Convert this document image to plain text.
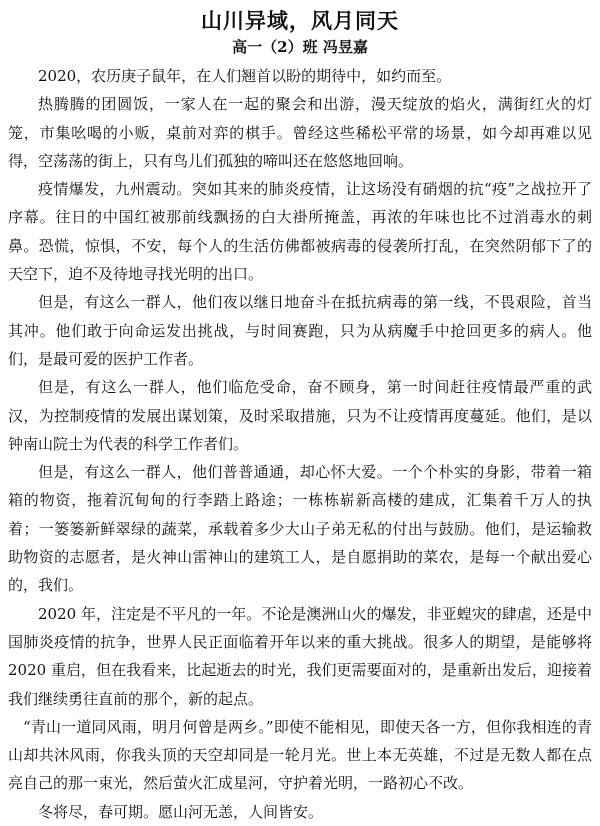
山川异域，风月同天
高一（2）班 冯昱嘉

2020，农历庚子鼠年，在人们翘首以盼的期待中，如约而至。

热腾腾的团圆饭，一家人在一起的聚会和出游，漫天绽放的焰火，满街红火的灯笼，市集吆喝的小贩，桌前对弈的棋手。曾经这些稀松平常的场景，如今却再难以见得，空荡荡的街上，只有鸟儿们孤独的啼叫还在悠悠地回响。

疫情爆发，九州震动。突如其来的肺炎疫情，让这场没有硝烟的抗“疫”之战拉开了序幕。往日的中国红被那前线飘扬的白大褂所掩盖，再浓的年味也比不过消毒水的刺鼻。恐慌，惊惧，不安，每个人的生活仿佛都被病毒的侵袭所打乱，在突然阴郁下了的天空下，迫不及待地寻找光明的出口。

但是，有这么一群人，他们夜以继日地奋斗在抵抗病毒的第一线，不畏艰险，首当其冲。他们敢于向命运发出挑战，与时间赛跑，只为从病魔手中抢回更多的病人。他们，是最可爱的医护工作者。

但是，有这么一群人，他们临危受命，奋不顾身，第一时间赶往疫情最严重的武汉，为控制疫情的发展出谋划策，及时采取措施，只为不让疫情再度蔓延。他们，是以钟南山院士为代表的科学工作者们。

但是，有这么一群人，他们普普通通，却心怀大爱。一个个朴实的身影，带着一箱箱的物资，拖着沉甸甸的行李踏上路途；一栋栋崭新高楼的建成，汇集着千万人的执着；一篓篓新鲜翠绿的蔬菜，承载着多少大山子弟无私的付出与鼓励。他们，是运输救助物资的志愿者，是火神山雷神山的建筑工人，是自愿捐助的菜农，是每一个献出爱心的，我们。

2020 年，注定是不平凡的一年。不论是澳洲山火的爆发，非亚蝗灾的肆虐，还是中国肺炎疫情的抗争，世界人民正面临着开年以来的重大挑战。很多人的期望，是能够将 2020 重启，但在我看来，比起逝去的时光，我们更需要面对的，是重新出发后，迎接着我们继续勇往直前的那个，新的起点。

“青山一道同风雨，明月何曾是两乡。”即使不能相见，即使天各一方，但你我相连的青山却共沐风雨，你我头顶的天空却同是一轮月光。世上本无英雄，不过是无数人都在点亮自己的那一束光，然后萤火汇成星河，守护着光明，一路初心不改。

冬将尽，春可期。愿山河无恙，人间皆安。
